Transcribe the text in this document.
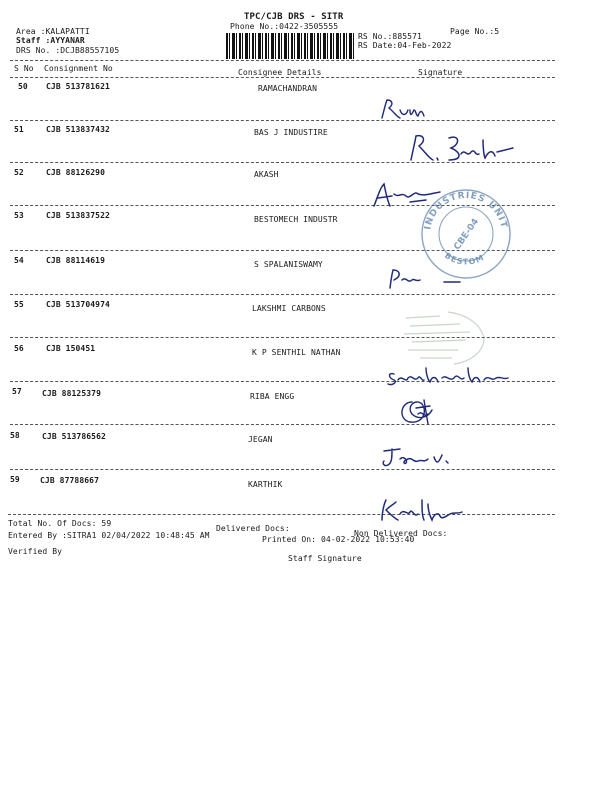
TPC/CJB DRS - SITR
Phone No.:0422-3505555
Area :KALAPATTI
Staff :AYYANAR
DRS No. :DCJB88557105
RS No.:885571
RS Date:04-Feb-2022
Page No.:5
S No Consignment No	Consignee Details	Signature
50 CJB 513781621	RAMACHANDRAN
51	CJB 513837432	BAS J INDUSTIRE
52	CJB 88126290	AKASH
53	CJB 513837522	BESTOMECH INDUSTR
54	CJB 88114619	S SPALANISWAMY
55	CJB 513704974	LAKSHMI CARBONS
56	CJB 150451	K P SENTHIL NATHAN
57	CJB 88125379	RIBA ENGG
58	CJB 513786562	JEGAN
59	CJB 87788667	KARTHIK
INDUSTRIES UNIT
BESTOM
CBE-04
Total No. Of Docs: 59
Delivered Docs:
Non Delivered Docs:
Entered By :SITRA1 02/04/2022 10:48:45 AM	Printed On: 04-02-2022 10:53:40
Verified By
Staff Signature
